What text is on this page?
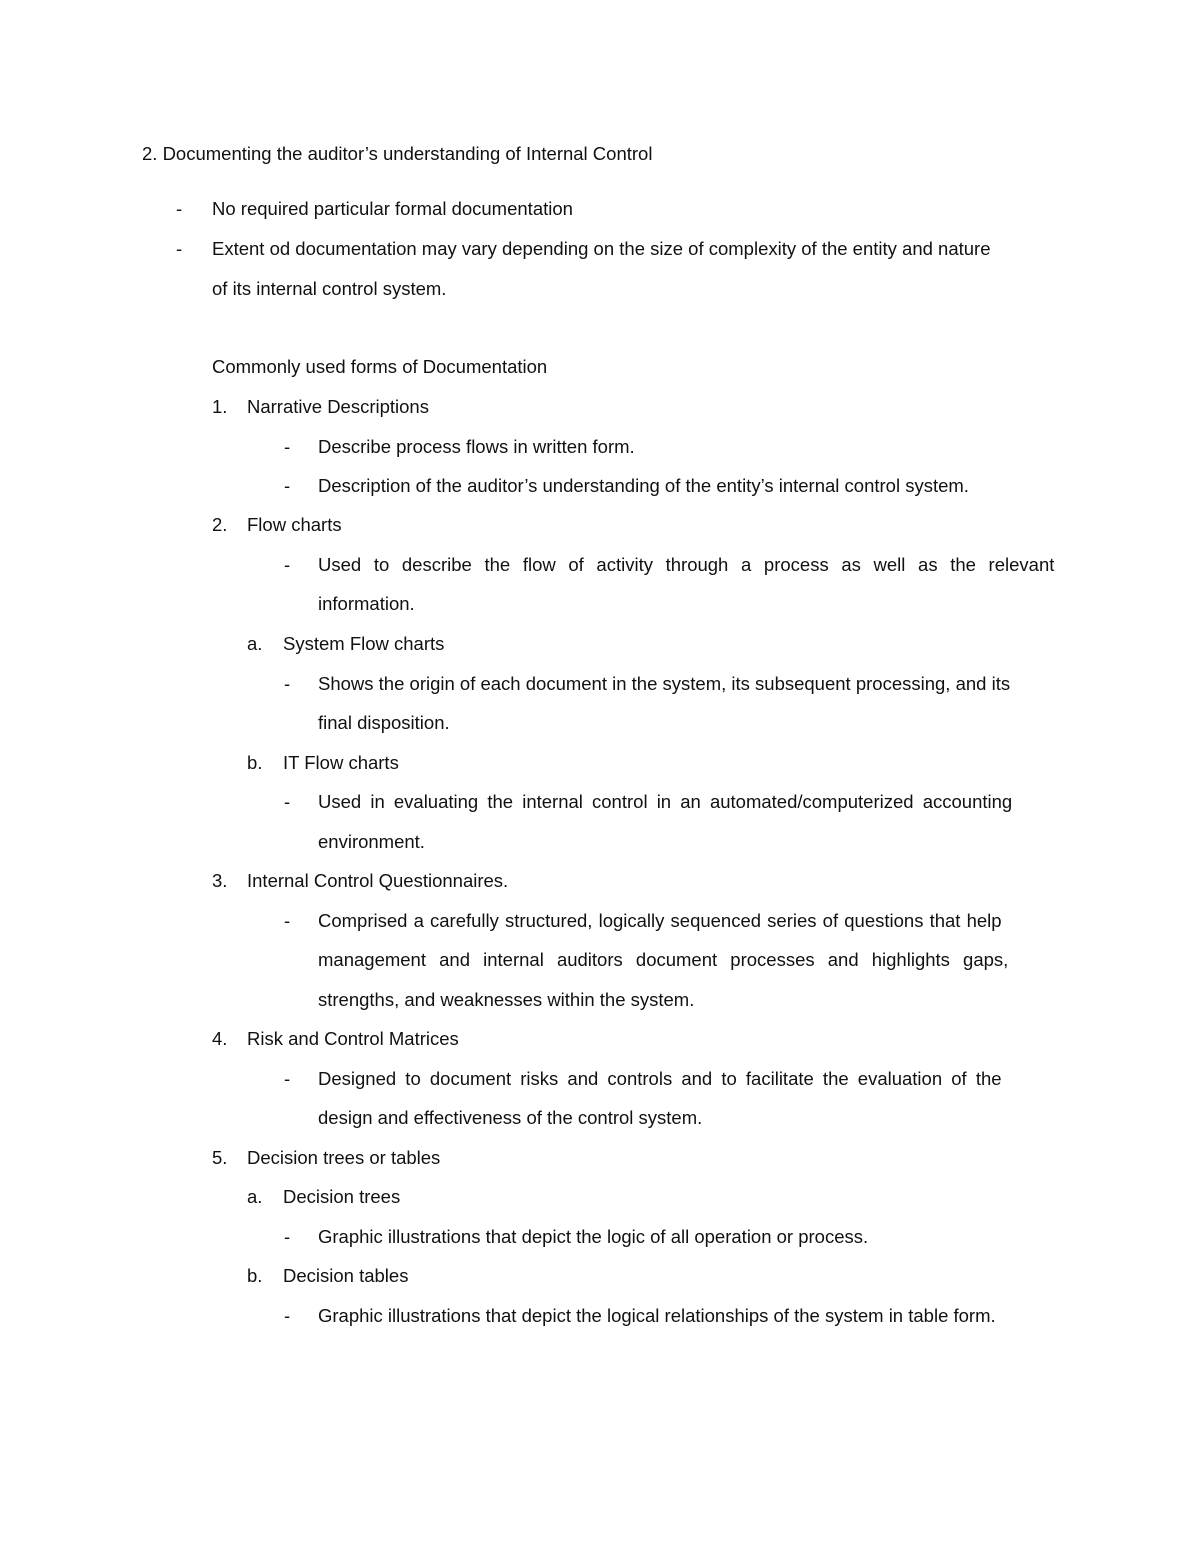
2. Documenting the auditor’s understanding of Internal Control
- No required particular formal documentation
- Extent od documentation may vary depending on the size of complexity of the entity and nature
of its internal control system.
Commonly used forms of Documentation
1. Narrative Descriptions
- Describe process flows in written form.
- Description of the auditor’s understanding of the entity’s internal control system.
2. Flow charts
- Used to describe the flow of activity through a process as well as the relevant
information.
a. System Flow charts
- Shows the origin of each document in the system, its subsequent processing, and its
final disposition.
b. IT Flow charts
- Used in evaluating the internal control in an automated/computerized accounting
environment.
3. Internal Control Questionnaires.
- Comprised a carefully structured, logically sequenced series of questions that help
management and internal auditors document processes and highlights gaps,
strengths, and weaknesses within the system.
4. Risk and Control Matrices
- Designed to document risks and controls and to facilitate the evaluation of the
design and effectiveness of the control system.
5. Decision trees or tables
a. Decision trees
- Graphic illustrations that depict the logic of all operation or process.
b. Decision tables
- Graphic illustrations that depict the logical relationships of the system in table form.
